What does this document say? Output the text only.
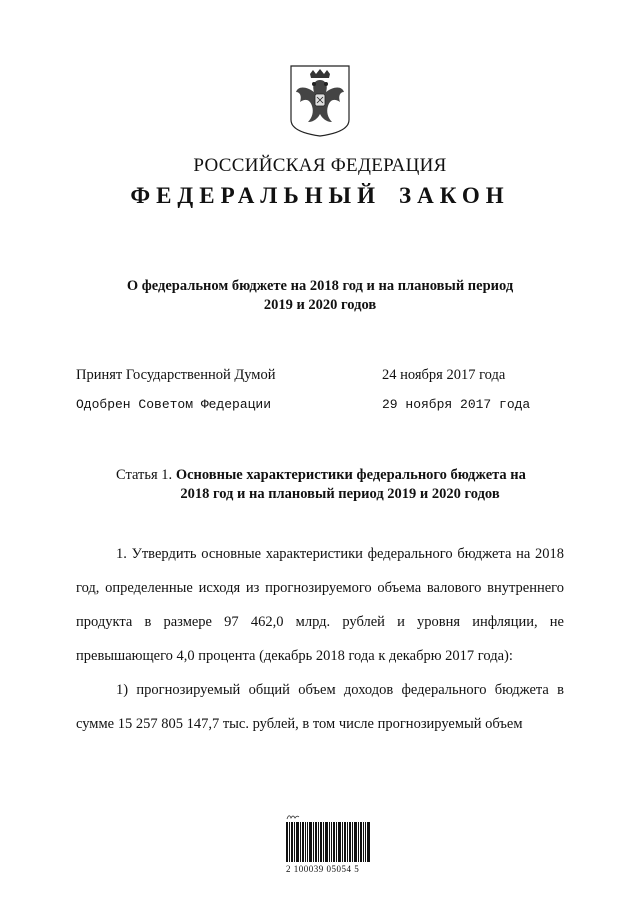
РОССИЙСКАЯ ФЕДЕРАЦИЯ
ФЕДЕРАЛЬНЫЙ ЗАКОН
О федеральном бюджете на 2018 год и на плановый период
2019 и 2020 годов
Принят Государственной Думой	24 ноября 2017 года
Одобрен Советом Федерации	29 ноября 2017 года
Статья 1. Основные характеристики федерального бюджета на
2018 год и на плановый период 2019 и 2020 годов

1. Утвердить основные характеристики федерального бюджета на 2018 год, определенные исходя из прогнозируемого объема валового внутреннего продукта в размере 97 462,0 млрд. рублей и уровня инфляции, не превышающего 4,0 процента (декабрь 2018 года к декабрю 2017 года):

1) прогнозируемый общий объем доходов федерального бюджета в сумме 15 257 805 147,7 тыс. рублей, в том числе прогнозируемый объем

2 100039 05054 5
